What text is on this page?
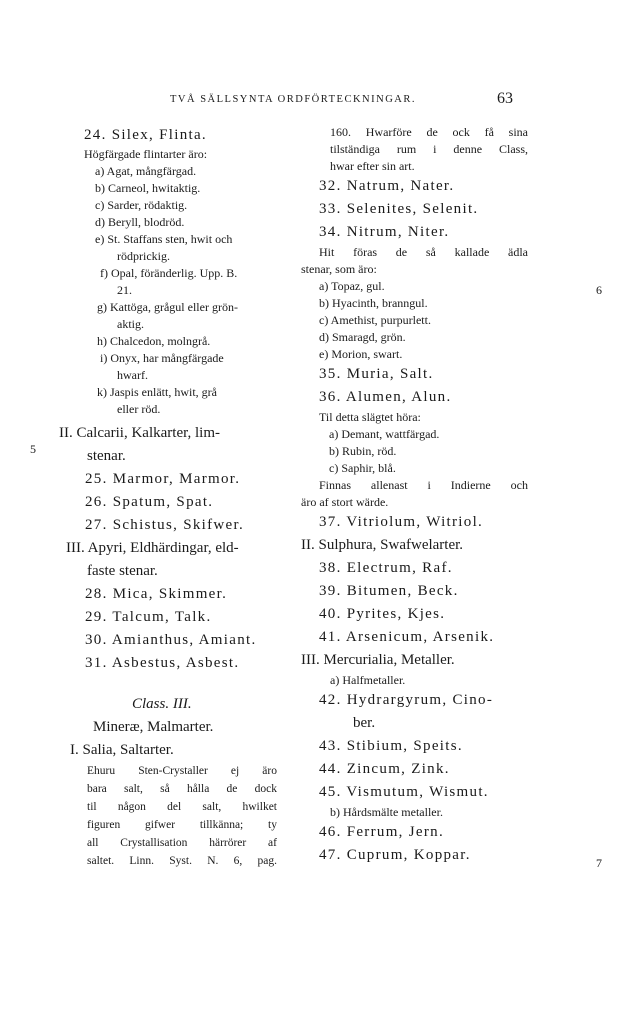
TVÅ SÄLLSYNTA ORDFÖRTECKNINGAR.	63
5
6
7
24. Silex, Flinta.
Högfärgade flintarter äro:
a) Agat, mångfärgad.
b) Carneol, hwitaktig.
c) Sarder, rödaktig.
d) Beryll, blodröd.
e) St. Staffans sten, hwit och
rödprickig.
f) Opal, föränderlig. Upp. B.
21.
g) Kattöga, grågul eller grön-
aktig.
h) Chalcedon, molngrå.
i) Onyx, har mångfärgade
hwarf.
k) Jaspis enlätt, hwit, grå
eller röd.
II. Calcarii, Kalkarter, lim-
stenar.
25. Marmor, Marmor.
26. Spatum, Spat.
27. Schistus, Skifwer.
III. Apyri, Eldhärdingar, eld-
faste stenar.
28. Mica, Skimmer.
29. Talcum, Talk.
30. Amianthus, Amiant.
31. Asbestus, Asbest.
Class. III.
Mineræ, Malmarter.
I. Salia, Saltarter.
Ehuru Sten-Crystaller ej äro
bara salt, så hålla de dock
til någon del salt, hwilket
figuren gifwer tillkänna; ty
all Crystallisation härrörer af
saltet. Linn. Syst. N. 6, pag.
160. Hwarföre de ock få sina
tilständiga rum i denne Class,
hwar efter sin art.
32. Natrum, Nater.
33. Selenites, Selenit.
34. Nitrum, Niter.
Hit föras de så kallade ädla
stenar, som äro:
a) Topaz, gul.
b) Hyacinth, branngul.
c) Amethist, purpurlett.
d) Smaragd, grön.
e) Morion, swart.
35. Muria, Salt.
36. Alumen, Alun.
Til detta slägtet höra:
a) Demant, wattfärgad.
b) Rubin, röd.
c) Saphir, blå.
Finnas allenast i Indierne och
äro af stort wärde.
37. Vitriolum, Witriol.
II. Sulphura, Swafwelarter.
38. Electrum, Raf.
39. Bitumen, Beck.
40. Pyrites, Kjes.
41. Arsenicum, Arsenik.
III. Mercurialia, Metaller.
a) Halfmetaller.
42. Hydrargyrum, Cino-
ber.
43. Stibium, Speits.
44. Zincum, Zink.
45. Vismutum, Wismut.
b) Hårdsmälte metaller.
46. Ferrum, Jern.
47. Cuprum, Koppar.
